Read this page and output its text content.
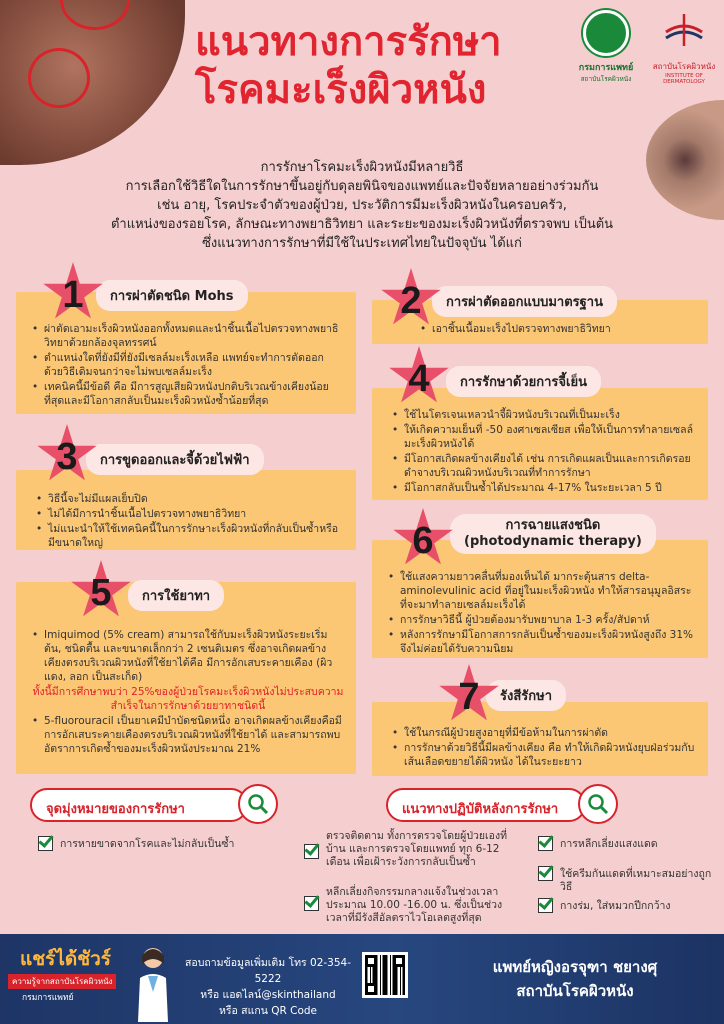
แนวทางการรักษา
โรคมะเร็งผิวหนัง	กรมการแพทย์
สถาบันโรคผิวหนัง
สถาบันโรคผิวหนัง
INSTITUTE OF DERMATOLOGY
การรักษาโรคมะเร็งผิวหนังมีหลายวิธี
การเลือกใช้วิธีใดในการรักษาขึ้นอยู่กับดุลยพินิจของแพทย์และปัจจัยหลายอย่างร่วมกัน
เช่น อายุ, โรคประจำตัวของผู้ป่วย, ประวัติการมีมะเร็งผิวหนังในครอบครัว,
ตำแหน่งของรอยโรค, ลักษณะทางพยาธิวิทยา และระยะของมะเร็งผิวหนังที่ตรวจพบ เป็นต้น
ซึ่งแนวทางการรักษาที่มีใช้ในประเทศไทยในปัจจุบัน ได้แก่
• ผ่าตัดเอามะเร็งผิวหนังออกทั้งหมดและนำชิ้นเนื้อไปตรวจทางพยาธิวิทยาด้วยกล้องจุลทรรศน์
• ตำแหน่งใดที่ยังมีที่ยังมีเซลล์มะเร็งเหลือ แพทย์จะทำการตัดออกด้วยวิธีเดิมจนกว่าจะไม่พบเซลล์มะเร็ง
• เทคนิคนี้มีข้อดี คือ มีการสูญเสียผิวหนังปกติบริเวณข้างเคียงน้อยที่สุดและมีโอกาสกลับเป็นมะเร็งผิวหนังซ้ำน้อยที่สุด
การผ่าตัดชนิด Mohs
1
• เอาชิ้นเนื้อมะเร็งไปตรวจทางพยาธิวิทยา
การผ่าตัดออกแบบมาตรฐาน
2
• วิธีนี้จะไม่มีแผลเย็บปิด
• ไม่ได้มีการนำชิ้นเนื้อไปตรวจทางพยาธิวิทยา
• ไม่แนะนำให้ใช้เทคนิคนี้ในการรักษาะเร็งผิวหนังที่กลับเป็นซ้ำหรือมีขนาดใหญ่
การขูดออกและจี้ด้วยไฟฟ้า
3
• ใช้ไนโตรเจนเหลวนำจี้ผิวหนังบริเวณที่เป็นมะเร็ง
• ให้เกิดความเย็นที่ -50 องศาเซลเซียส เพื่อให้เป็นการทำลายเซลล์มะเร็งผิวหนังได้
• มีโอกาสเกิดผลข้างเคียงได้ เช่น การเกิดแผลเป็นและการเกิดรอยดำจางบริเวณผิวหนังบริเวณที่ทำการรักษา
• มีโอกาสกลับเป็นซ้ำได้ประมาณ 4-17% ในระยะเวลา 5 ปี
การรักษาด้วยการจี้เย็น
4
• Imiquimod (5% cream) สามารถใช้กับมะเร็งผิวหนังระยะเริ่มต้น, ชนิดตื้น และขนาดเล็กกว่า 2 เซนติเมตร ซึ่งอาจเกิดผลข้างเคียงตรงบริเวณผิวหนังที่ใช้ยาได้คือ มีการอักเสบระคายเคือง (ผิวแดง, ลอก เป็นสะเก็ด)
ทั้งนี้มีการศึกษาพบว่า 25%ของผู้ป่วยโรคมะเร็งผิวหนังไม่ประสบความสำเร็จในการรักษาด้วยยาทาชนิดนี้
• 5-fluorouracil เป็นยาเคมีบำบัดชนิดหนึ่ง อาจเกิดผลข้างเคียงคือมีการอักเสบระคายเคืองตรงบริเวณผิวหนังที่ใช้ยาได้ และสามารถพบอัตราการเกิดซ้ำของมะเร็งผิวหนังประมาณ 21%
การใช้ยาทา
5
•	ใช้แสงความยาวคลื่นที่มองเห็นได้ มากระตุ้นสาร delta-aminolevulinic acid ที่อยู่ในมะเร็งผิวหนัง ทำให้สารอนุมูลอิสระที่จะมาทำลายเซลล์มะเร็งได้
• การรักษาวิธีนี้ ผู้ป่วยต้องมารับพยาบาล 1-3 ครั้ง/สัปดาห์
• หลังการรักษามีโอกาสการกลับเป็นซ้ำของมะเร็งผิวหนังสูงถึง 31% จึงไม่ค่อยได้รับความนิยม
การฉายแสงชนิด
(photodynamic therapy)
6
• ใช้ในกรณีผู้ป่วยสูงอายุที่มีข้อห้ามในการผ่าตัด
• การรักษาด้วยวิธีนี้มีผลข้างเคียง คือ ทำให้เกิดผิวหนังยุบฝ่อร่วมกับเส้นเลือดขยายได้ผิวหนัง ได้ในระยะยาว
รังสีรักษา
7
จุดมุ่งหมายของการรักษา
การหายขาดจากโรคและไม่กลับเป็นซ้ำ
แนวทางปฏิบัติหลังการรักษา
ตรวจติดตาม ทั้งการตรวจโดยผู้ป่วยเองที่บ้าน และการตรวจโดยแพทย์ ทุก 6-12 เดือน เพื่อเฝ้าระวังการกลับเป็นซ้ำ
หลีกเลี่ยงกิจกรรมกลางแจ้งในช่วงเวลาประมาณ 10.00 -16.00 น. ซึ่งเป็นช่วงเวลาที่มีรังสีอัลตราไวโอเลตสูงที่สุด
การหลีกเลี่ยงแสงแดด
ใช้ครีมกันแดดที่เหมาะสมอย่างถูกวิธี
กางร่ม, ใส่หมวกปีกกว้าง
แชร์ได้ชัวร์
ความรู้จากสถาบันโรคผิวหนัง
กรมการแพทย์
สอบถามข้อมูลเพิ่มเติม โทร 02-354-5222
หรือ แอดไลน์@skinthailand
หรือ สแกน QR Code
แพทย์หญิงอรจุฑา ชยางศุ
สถาบันโรคผิวหนัง
